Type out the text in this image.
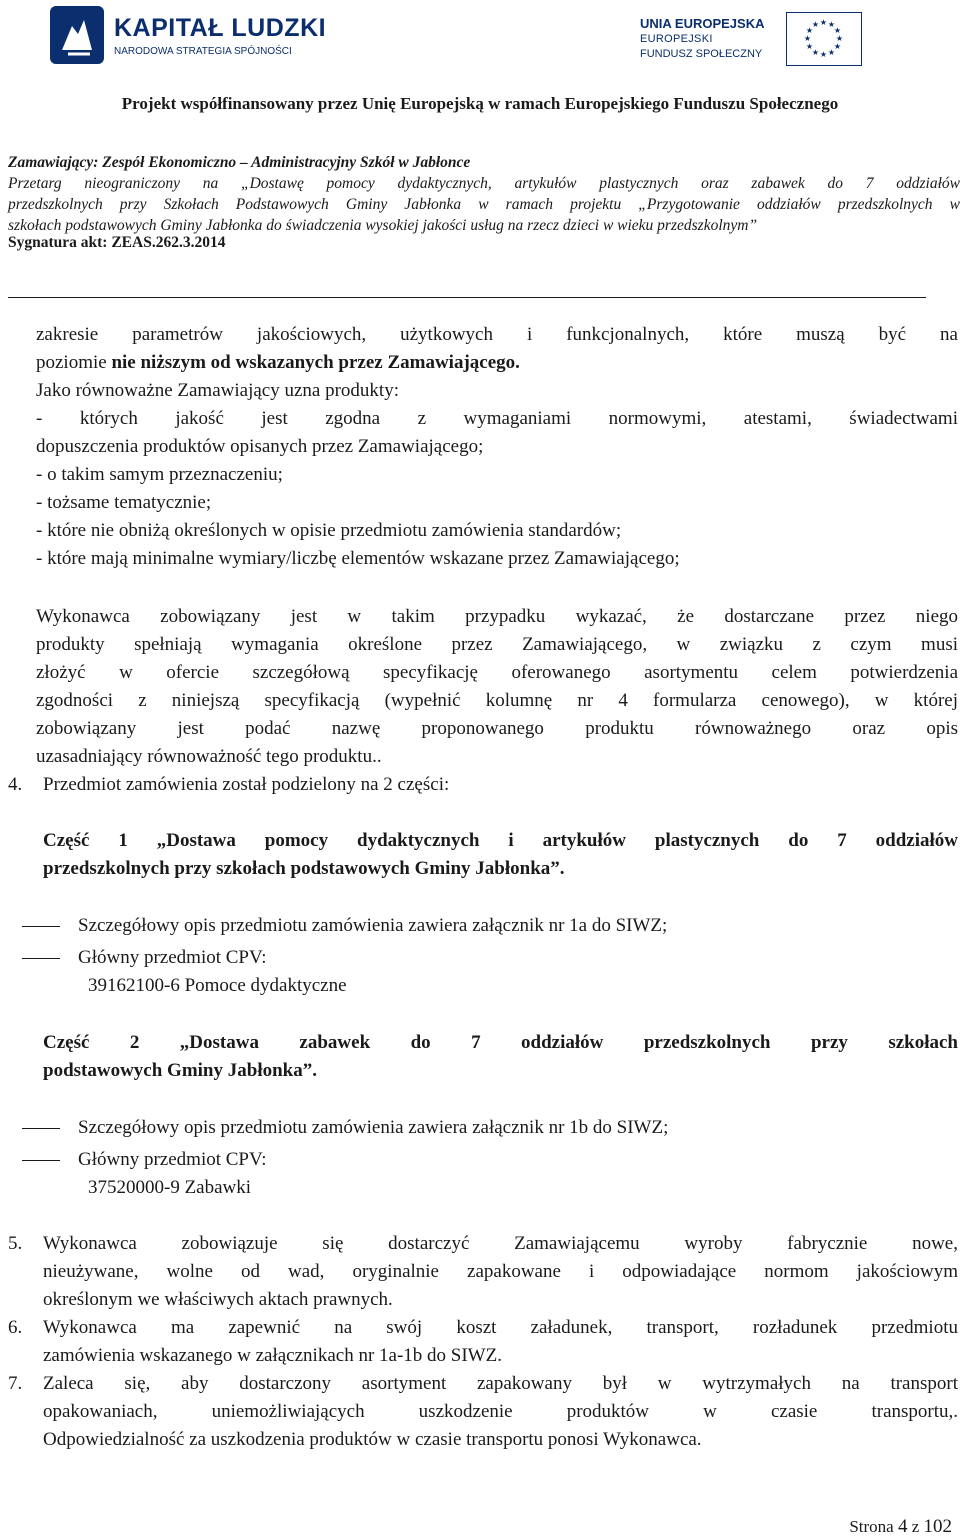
KAPITAŁ LUDZKI
NARODOWA STRATEGIA SPÓJNOŚCI
UNIA EUROPEJSKA
EUROPEJSKI
FUNDUSZ SPOŁECZNY
★ ★
★
★
★
★
★
★
★
★
★
★
Projekt współfinansowany przez Unię Europejską w ramach Europejskiego Funduszu Społecznego
Zamawiający: Zespół Ekonomiczno – Administracyjny Szkół w Jabłonce
Przetarg nieograniczony na „Dostawę pomocy dydaktycznych, artykułów plastycznych oraz zabawek do 7 oddziałów
przedszkolnych przy Szkołach Podstawowych Gminy Jabłonka w ramach projektu „Przygotowanie oddziałów przedszkolnych w
szkołach podstawowych Gminy Jabłonka do świadczenia wysokiej jakości usług na rzecz dzieci w wieku przedszkolnym”
Sygnatura akt: ZEAS.262.3.2014
zakresie parametrów jakościowych, użytkowych i funkcjonalnych, które muszą być na
poziomie nie niższym od wskazanych przez Zamawiającego.
Jako równoważne Zamawiający uzna produkty:
- których jakość jest zgodna z wymaganiami normowymi, atestami, świadectwami
dopuszczenia produktów opisanych przez Zamawiającego;
- o takim samym przeznaczeniu;
- tożsame tematycznie;
- które nie obniżą określonych w opisie przedmiotu zamówienia standardów;
- które mają minimalne wymiary/liczbę elementów wskazane przez Zamawiającego;
Wykonawca zobowiązany jest w takim przypadku wykazać, że dostarczane przez niego
produkty spełniają wymagania określone przez Zamawiającego, w związku z czym musi
złożyć w ofercie szczegółową specyfikację oferowanego asortymentu celem potwierdzenia
zgodności z niniejszą specyfikacją (wypełnić kolumnę nr 4 formularza cenowego), w której
zobowiązany jest podać nazwę proponowanego produktu równoważnego oraz opis
uzasadniający równoważność tego produktu..
4. Przedmiot zamówienia został podzielony na 2 części:
Część 1 „Dostawa pomocy dydaktycznych i artykułów plastycznych do 7 oddziałów
przedszkolnych przy szkołach podstawowych Gminy Jabłonka”.
Szczegółowy opis przedmiotu zamówienia zawiera załącznik nr 1a do SIWZ;
Główny przedmiot CPV:
39162100-6 Pomoce dydaktyczne
Część 2 „Dostawa zabawek do 7 oddziałów przedszkolnych przy szkołach
podstawowych Gminy Jabłonka”.
Szczegółowy opis przedmiotu zamówienia zawiera załącznik nr 1b do SIWZ;
Główny przedmiot CPV:
37520000-9 Zabawki
5. Wykonawca zobowiązuje się dostarczyć Zamawiającemu wyroby fabrycznie nowe,
nieużywane, wolne od wad, oryginalnie zapakowane i odpowiadające normom jakościowym
określonym we właściwych aktach prawnych.
6. Wykonawca ma zapewnić na swój koszt załadunek, transport, rozładunek przedmiotu
zamówienia wskazanego w załącznikach nr 1a-1b do SIWZ.
7. Zaleca się, aby dostarczony asortyment zapakowany był w wytrzymałych na transport
opakowaniach, uniemożliwiających uszkodzenie produktów w czasie transportu,.
Odpowiedzialność za uszkodzenia produktów w czasie transportu ponosi Wykonawca.
Strona 4 z 102
